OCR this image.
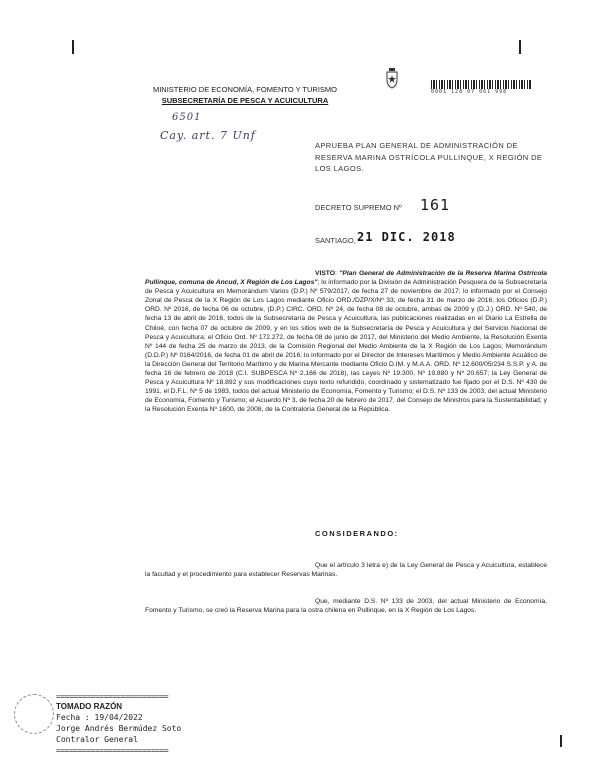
MINISTERIO DE ECONOMÍA, FOMENTO Y TURISMO
SUBSECRETARÍA DE PESCA Y ACUICULTURA
6501
Cay. art. 7 Unf
0001 128 07 061 998
APRUEBA PLAN GENERAL DE ADMINISTRACIÓN DE RESERVA MARINA OSTRÍCOLA PULLINQUE, X REGIÓN DE LOS LAGOS.
DECRETO SUPREMO Nº 161
SANTIAGO, 21 DIC. 2018
VISTO: "Plan General de Administración de la Reserva Marina Ostrícola Pullinque, comuna de Ancud, X Región de Los Lagos"; lo informado por la División de Administración Pesquera de la Subsecretaría de Pesca y Acuicultura en Memorándum Varios (D.P.) Nº 579/2017, de fecha 27 de noviembre de 2017; lo informado por el Consejo Zonal de Pesca de la X Región de Los Lagos mediante Oficio ORD./DZP/X/Nº 33, de fecha 31 de marzo de 2016; los Oficios (D.P.) ORD. Nº 2016, de fecha 06 de octubre, (D.P.) CIRC. ORD. Nº 24, de fecha 08 de octubre, ambas de 2009 y (D.J.) ORD. Nº 540, de fecha 13 de abril de 2016, todos de la Subsecretaría de Pesca y Acuicultura, las publicaciones realizadas en el Diario La Estrella de Chiloé, con fecha 07 de octubre de 2009, y en los sitios web de la Subsecretaría de Pesca y Acuicultura y del Servicio Nacional de Pesca y Acuicultura; el Oficio Ord. Nº 172.272, de fecha 08 de junio de 2017, del Ministerio del Medio Ambiente, la Resolución Exenta Nº 144 de fecha 25 de marzo de 2013, de la Comisión Regional del Medio Ambiente de la X Región de Los Lagos; Memorándum (D.D.P.) Nº 0164/2016, de fecha 01 de abril de 2016; lo informado por el Director de Intereses Marítimos y Medio Ambiente Acuático de la Dirección General del Territorio Marítimo y de Marina Mercante mediante Oficio D.IM. y M.A.A. ORD. Nº 12.600/05/234 S.S.P. y A. de fecha 16 de febrero de 2018 (C.I. SUBPESCA Nº 2.166 de 2018), las Leyes Nº 19.300, Nº 19.880 y Nº 20.657; la Ley General de Pesca y Acuicultura Nº 18.892 y sus modificaciones cuyo texto refundido, coordinado y sistematizado fue fijado por el D.S. Nº 430 de 1991, el D.F.L. Nº 5 de 1983, todos del actual Ministerio de Economía, Fomento y Turismo; el D.S. Nº 133 de 2003, del actual Ministerio de Economía, Fomento y Turismo; el Acuerdo Nº 3, de fecha 20 de febrero de 2017, del Consejo de Ministros para la Sustentabilidad; y la Resolución Exenta Nº 1600, de 2008, de la Contraloría General de la República.
CONSIDERANDO:
Que el artículo 3 letra e) de la Ley General de Pesca y Acuicultura, establece la facultad y el procedimiento para establecer Reservas Marinas.
Que, mediante D.S. Nº 133 de 2003, del actual Ministerio de Economía, Fomento y Turismo, se creó la Reserva Marina para la ostra chilena en Pullinque, en la X Región de Los Lagos.
==========================
TOMADO RAZÓN
Fecha : 19/04/2022
Jorge Andrés Bermúdez Soto
Contralor General
==========================
